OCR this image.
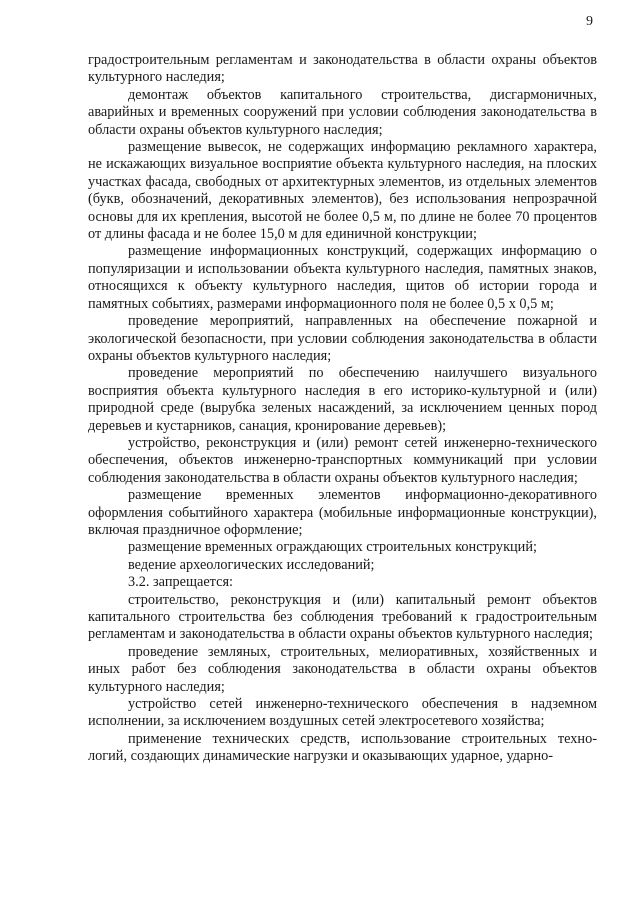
9

градостроительным регламентам и законодательства в области охраны объектов культурного наследия;

демонтаж объектов капитального строительства, дисгармоничных, аварийных и временных сооружений при условии соблюдения законодательства в области охраны объектов культурного наследия;

размещение вывесок, не содержащих информацию рекламного характера, не искажающих визуальное восприятие объекта культурного наследия, на плоских участках фасада, свободных от архитектурных элементов, из отдельных элементов (букв, обозначений, декоративных элементов), без использования непрозрачной основы для их крепления, высотой не более 0,5 м, по длине не более 70 процентов от длины фасада и не более 15,0 м для единичной конструкции;

размещение информационных конструкций, содержащих информацию о популяризации и использовании объекта культурного наследия, памятных знаков, относящихся к объекту культурного наследия, щитов об истории города и памятных событиях, размерами информационного поля не более 0,5 х 0,5 м;

проведение мероприятий, направленных на обеспечение пожарной и экологической безопасности, при условии соблюдения законодательства в области охраны объектов культурного наследия;

проведение мероприятий по обеспечению наилучшего визуального восприятия объекта культурного наследия в его историко-культурной и (или) природной среде (вырубка зеленых насаждений, за исключением ценных пород деревьев и кустарников, санация, кронирование деревьев);

устройство, реконструкция и (или) ремонт сетей инженерно-технического обеспечения, объектов инженерно-транспортных коммуникаций при условии соблюдения законодательства в области охраны объектов культурного наследия;

размещение временных элементов информационно-декоративного оформления событийного характера (мобильные информационные конструкции), включая праздничное оформление;

размещение временных ограждающих строительных конструкций;

ведение археологических исследований;

3.2. запрещается:

строительство, реконструкция и (или) капитальный ремонт объектов капитального строительства без соблюдения требований к градостроительным регламентам и законодательства в области охраны объектов культурного наследия;

проведение земляных, строительных, мелиоративных, хозяйственных и иных работ без соблюдения законодательства в области охраны объектов культурного наследия;

устройство сетей инженерно-технического обеспечения в надземном исполнении, за исключением воздушных сетей электросетевого хозяйства;

применение технических средств, использование строительных техно-логий, создающих динамические нагрузки и оказывающих ударное, ударно-
